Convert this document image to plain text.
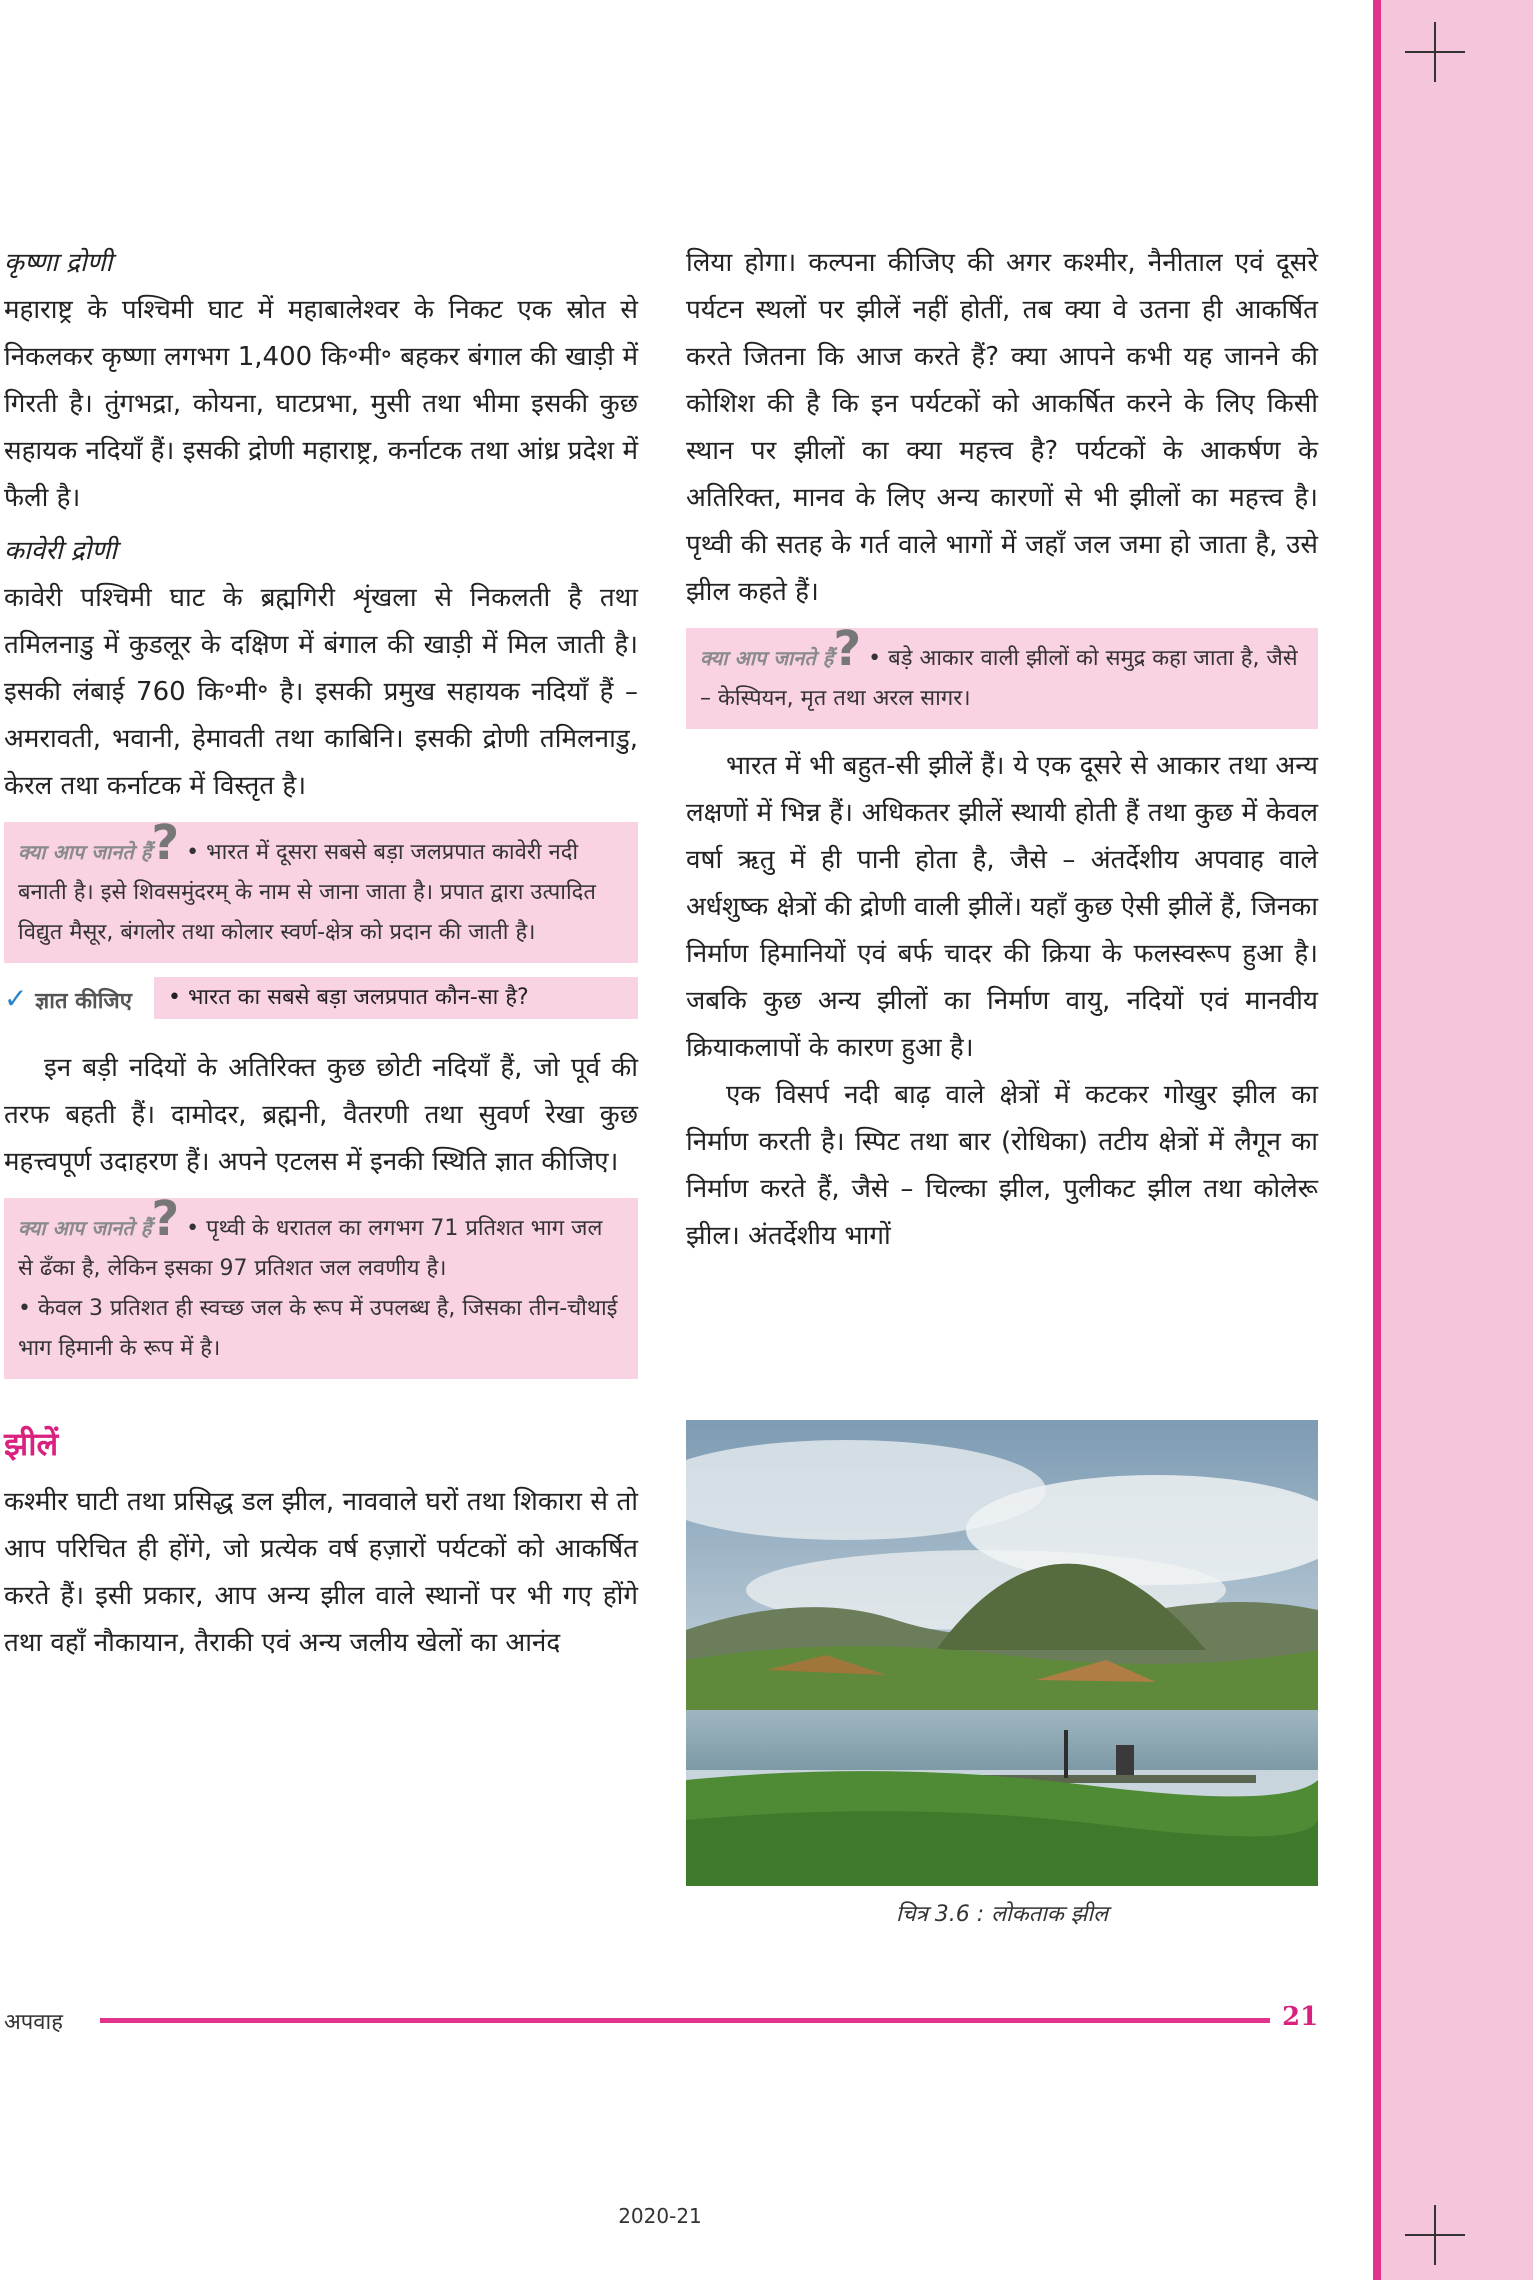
कृष्णा द्रोणी

महाराष्ट्र के पश्चिमी घाट में महाबालेश्वर के निकट एक स्रोत से निकलकर कृष्णा लगभग 1,400 कि॰मी॰ बहकर बंगाल की खाड़ी में गिरती है। तुंगभद्रा, कोयना, घाटप्रभा, मुसी तथा भीमा इसकी कुछ सहायक नदियाँ हैं। इसकी द्रोणी महाराष्ट्र, कर्नाटक तथा आंध्र प्रदेश में फैली है।

कावेरी द्रोणी

कावेरी पश्चिमी घाट के ब्रह्मगिरी शृंखला से निकलती है तथा तमिलनाडु में कुडलूर के दक्षिण में बंगाल की खाड़ी में मिल जाती है। इसकी लंबाई 760 कि॰मी॰ है। इसकी प्रमुख सहायक नदियाँ हैं – अमरावती, भवानी, हेमावती तथा काबिनि। इसकी द्रोणी तमिलनाडु, केरल तथा कर्नाटक में विस्तृत है।

क्या आप जानते हैं? • भारत में दूसरा सबसे बड़ा जलप्रपात कावेरी नदी बनाती है। इसे शिवसमुंदरम् के नाम से जाना जाता है। प्रपात द्वारा उत्पादित विद्युत मैसूर, बंगलोर तथा कोलार स्वर्ण-क्षेत्र को प्रदान की जाती है।
✓ ज्ञात कीजिए	• भारत का सबसे बड़ा जलप्रपात कौन-सा है?

इन बड़ी नदियों के अतिरिक्त कुछ छोटी नदियाँ हैं, जो पूर्व की तरफ बहती हैं। दामोदर, ब्रह्मनी, वैतरणी तथा सुवर्ण रेखा कुछ महत्त्वपूर्ण उदाहरण हैं। अपने एटलस में इनकी स्थिति ज्ञात कीजिए।

क्या आप जानते हैं? • पृथ्वी के धरातल का लगभग 71 प्रतिशत भाग जल से ढँका है, लेकिन इसका 97 प्रतिशत जल लवणीय है।
• केवल 3 प्रतिशत ही स्वच्छ जल के रूप में उपलब्ध है, जिसका तीन-चौथाई भाग हिमानी के रूप में है।

झीलें

कश्मीर घाटी तथा प्रसिद्ध डल झील, नाववाले घरों तथा शिकारा से तो आप परिचित ही होंगे, जो प्रत्येक वर्ष हज़ारों पर्यटकों को आकर्षित करते हैं। इसी प्रकार, आप अन्य झील वाले स्थानों पर भी गए होंगे तथा वहाँ नौकायान, तैराकी एवं अन्य जलीय खेलों का आनंद

लिया होगा। कल्पना कीजिए की अगर कश्मीर, नैनीताल एवं दूसरे पर्यटन स्थलों पर झीलें नहीं होतीं, तब क्या वे उतना ही आकर्षित करते जितना कि आज करते हैं? क्या आपने कभी यह जानने की कोशिश की है कि इन पर्यटकों को आकर्षित करने के लिए किसी स्थान पर झीलों का क्या महत्त्व है? पर्यटकों के आकर्षण के अतिरिक्त, मानव के लिए अन्य कारणों से भी झीलों का महत्त्व है। पृथ्वी की सतह के गर्त वाले भागों में जहाँ जल जमा हो जाता है, उसे झील कहते हैं।

क्या आप जानते हैं? • बड़े आकार वाली झीलों को समुद्र कहा जाता है, जैसे – केस्पियन, मृत तथा अरल सागर।

भारत में भी बहुत-सी झीलें हैं। ये एक दूसरे से आकार तथा अन्य लक्षणों में भिन्न हैं। अधिकतर झीलें स्थायी होती हैं तथा कुछ में केवल वर्षा ऋतु में ही पानी होता है, जैसे – अंतर्देशीय अपवाह वाले अर्धशुष्क क्षेत्रों की द्रोणी वाली झीलें। यहाँ कुछ ऐसी झीलें हैं, जिनका निर्माण हिमानियों एवं बर्फ चादर की क्रिया के फलस्वरूप हुआ है। जबकि कुछ अन्य झीलों का निर्माण वायु, नदियों एवं मानवीय क्रियाकलापों के कारण हुआ है।

एक विसर्प नदी बाढ़ वाले क्षेत्रों में कटकर गोखुर झील का निर्माण करती है। स्पिट तथा बार (रोधिका) तटीय क्षेत्रों में लैगून का निर्माण करते हैं, जैसे – चिल्का झील, पुलीकट झील तथा कोलेरू झील। अंतर्देशीय भागों

चित्र 3.6 : लोकताक झील
अपवाह	21
2020-21
